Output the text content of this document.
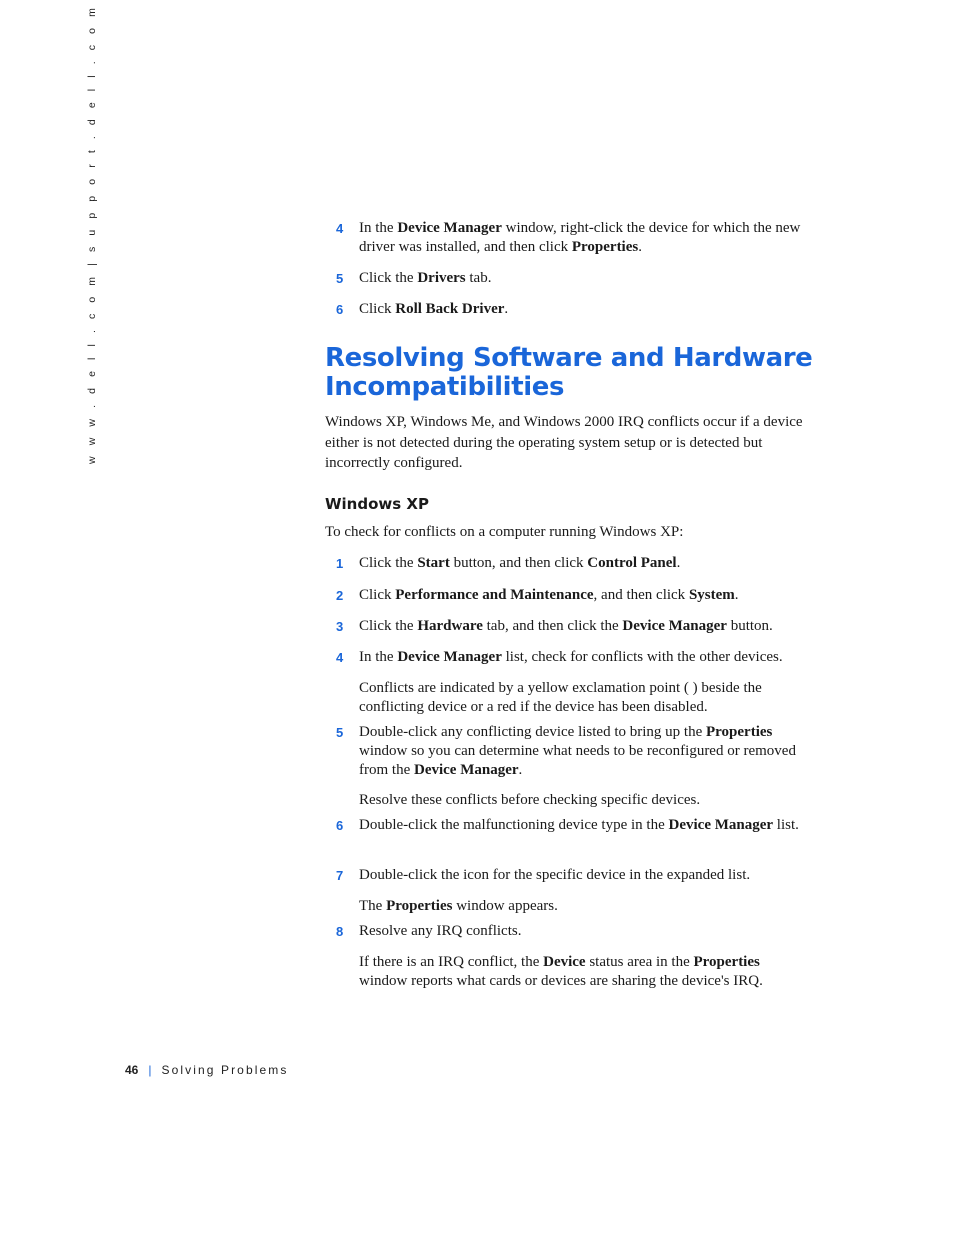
w w w . d e l l . c o m | s u p p o r t . d e l l . c o m	4 In the Device Manager window, right-click the device for which the new driver was installed, and then click Properties.
5 Click the Drivers tab.
6 Click Roll Back Driver.
Resolving Software and Hardware Incompatibilities
Windows XP, Windows Me, and Windows 2000 IRQ conflicts occur if a device either is not detected during the operating system setup or is detected but incorrectly configured.
Windows XP
To check for conflicts on a computer running Windows XP:
1 Click the Start button, and then click Control Panel.
2 Click Performance and Maintenance, and then click System.
3 Click the Hardware tab, and then click the Device Manager button.
4 In the Device Manager list, check for conflicts with the other devices.
Conflicts are indicated by a yellow exclamation point ( ) beside the conflicting device or a red if the device has been disabled.
5 Double-click any conflicting device listed to bring up the Properties window so you can determine what needs to be reconfigured or removed from the Device Manager.
Resolve these conflicts before checking specific devices.
6 Double-click the malfunctioning device type in the Device Manager list.
7 Double-click the icon for the specific device in the expanded list.
The Properties window appears.
8 Resolve any IRQ conflicts.
If there is an IRQ conflict, the Device status area in the Properties window reports what cards or devices are sharing the device's IRQ.
46 | Solving Problems
